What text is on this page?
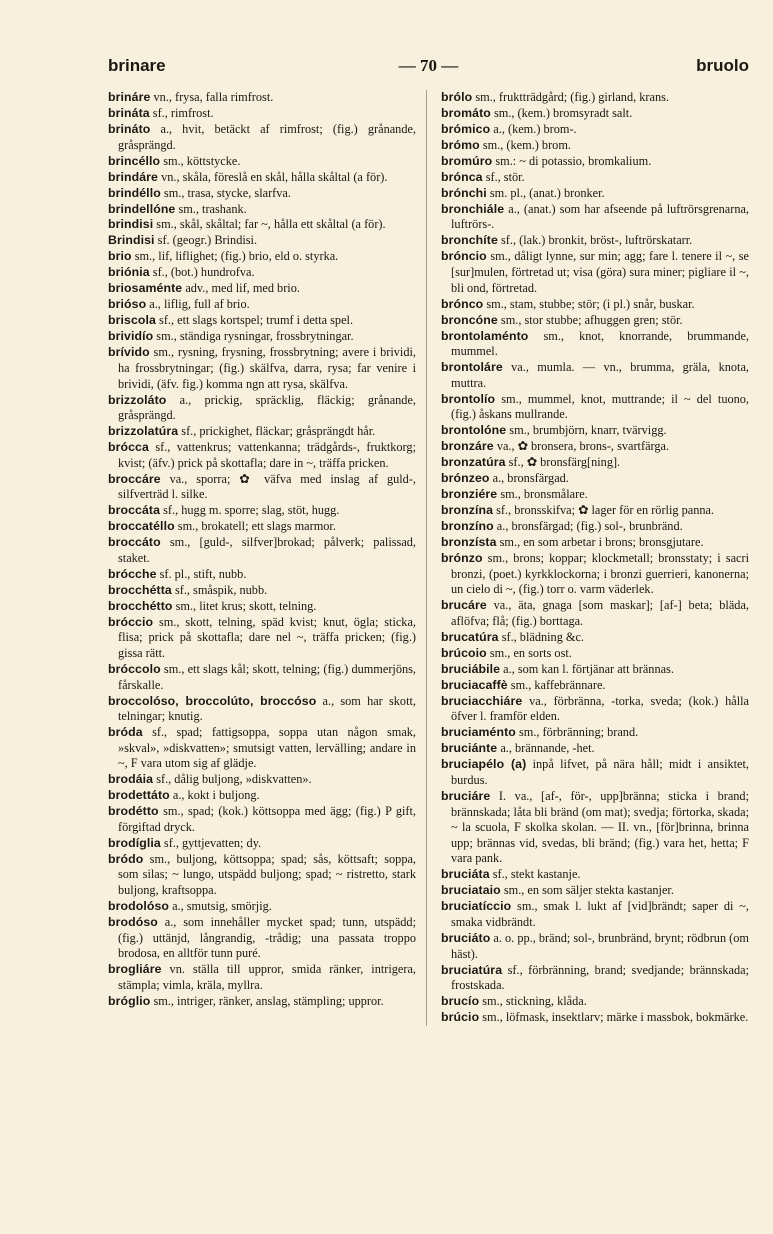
brinare	— 70 —	bruolo

brináre vn., frysa, falla rimfrost.

brináta sf., rimfrost.

brináto a., hvit, betäckt af rimfrost; (fig.) grånande, gråsprängd.

brincéllo sm., köttstycke.

brindáre vn., skåla, föreslå en skål, hålla skåltal (a för).

brindéllo sm., trasa, stycke, slarfva.

brindellóne sm., trashank.

brindisi sm., skål, skåltal; far ~, hålla ett skåltal (a för).

Brindisi sf. (geogr.) Brindisi.

brio sm., lif, liflighet; (fig.) brio, eld o. styrka.

briónia sf., (bot.) hundrofva.

briosaménte adv., med lif, med brio.

brióso a., liflig, full af brio.

briscola sf., ett slags kortspel; trumf i detta spel.

brividío sm., ständiga rysningar, frossbrytningar.

brívido sm., rysning, frysning, frossbrytning; avere i brividi, ha frossbrytningar; (fig.) skälfva, darra, rysa; far venire i brividi, (äfv. fig.) komma ngn att rysa, skälfva.

brizzoláto a., prickig, spräcklig, fläckig; grånande, gråsprängd.

brizzolatúra sf., prickighet, fläckar; gråsprängdt hår.

brócca sf., vattenkrus; vattenkanna; trädgårds-, fruktkorg; kvist; (äfv.) prick på skottafla; dare in ~, träffa pricken.

broccáre va., sporra; ✿ väfva med inslag af guld-, silfverträd l. silke.

broccáta sf., hugg m. sporre; slag, stöt, hugg.

broccatéllo sm., brokatell; ett slags marmor.

broccáto sm., [guld-, silfver]brokad; pålverk; palissad, staket.

brócche sf. pl., stift, nubb.

brocchétta sf., småspik, nubb.

brocchétto sm., litet krus; skott, telning.

bróccio sm., skott, telning, späd kvist; knut, ögla; sticka, flisa; prick på skottafla; dare nel ~, träffa pricken; (fig.) gissa rätt.

bróccolo sm., ett slags kål; skott, telning; (fig.) dummerjöns, fårskalle.

broccolóso, broccolúto, broccóso a., som har skott, telningar; knutig.

bróda sf., spad; fattigsoppa, soppa utan någon smak, »skval», »diskvatten»; smutsigt vatten, lervälling; andare in ~, F vara utom sig af glädje.

brodáia sf., dålig buljong, »diskvatten».

brodettáto a., kokt i buljong.

brodétto sm., spad; (kok.) köttsoppa med ägg; (fig.) P gift, förgiftad dryck.

brodíglia sf., gyttjevatten; dy.

bródo sm., buljong, köttsoppa; spad; sås, köttsaft; soppa, som silas; ~ lungo, utspädd buljong; spad; ~ ristretto, stark buljong, kraftsoppa.

brodolóso a., smutsig, smörjig.

brodóso a., som innehåller mycket spad; tunn, utspädd; (fig.) uttänjd, långrandig, -trådig; una passata troppo brodosa, en alltför tunn puré.

brogliáre vn. ställa till uppror, smida ränker, intrigera, stämpla; vimla, kräla, myllra.

bróglio sm., intriger, ränker, anslag, stämpling; uppror.

brólo sm., fruktträdgård; (fig.) girland, krans.

bromáto sm., (kem.) bromsyradt salt.

brómico a., (kem.) brom-.

brómo sm., (kem.) brom.

bromúro sm.: ~ di potassio, bromkalium.

brónca sf., stör.

brónchi sm. pl., (anat.) bronker.

bronchiále a., (anat.) som har afseende på luftrörsgrenarna, luftrörs-.

bronchíte sf., (lak.) bronkit, bröst-, luftrörskatarr.

bróncio sm., dåligt lynne, sur min; agg; fare l. tenere il ~, se [sur]mulen, förtretad ut; visa (göra) sura miner; pigliare il ~, bli ond, förtretad.

brónco sm., stam, stubbe; stör; (i pl.) snår, buskar.

broncóne sm., stor stubbe; afhuggen gren; stör.

brontolaménto sm., knot, knorrande, brummande, mummel.

brontoláre va., mumla. — vn., brumma, gräla, knota, muttra.

brontolío sm., mummel, knot, muttrande; il ~ del tuono, (fig.) åskans mullrande.

brontolóne sm., brumbjörn, knarr, tvärvigg.

bronzáre va., ✿ bronsera, brons-, svartfärga.

bronzatúra sf., ✿ bronsfärg[ning].

brónzeo a., bronsfärgad.

bronziére sm., bronsmålare.

bronzína sf., bronsskifva; ✿ lager för en rörlig panna.

bronzíno a., bronsfärgad; (fig.) sol-, brunbränd.

bronzísta sm., en som arbetar i brons; bronsgjutare.

brónzo sm., brons; koppar; klockmetall; bronsstaty; i sacri bronzi, (poet.) kyrkklockorna; i bronzi guerrieri, kanonerna; un cielo di ~, (fig.) torr o. varm väderlek.

brucáre va., äta, gnaga [som maskar]; [af-] beta; bläda, aflöfva; flå; (fig.) borttaga.

brucatúra sf., blädning &c.

brúcoio sm., en sorts ost.

bruciábile a., som kan l. förtjänar att brännas.

bruciacaffè sm., kaffebrännare.

bruciacchiáre va., förbränna, -torka, sveda; (kok.) hålla öfver l. framför elden.

bruciaménto sm., förbränning; brand.

bruciánte a., brännande, -het.

bruciapélo (a) inpå lifvet, på nära håll; midt i ansiktet, burdus.

bruciáre I. va., [af-, för-, upp]bränna; sticka i brand; brännskada; låta bli bränd (om mat); svedja; förtorka, skada; ~ la scuola, F skolka skolan. — II. vn., [för]brinna, brinna upp; brännas vid, svedas, bli bränd; (fig.) vara het, hetta; F vara pank.

bruciáta sf., stekt kastanje.

bruciataio sm., en som säljer stekta kastanjer.

bruciatíccio sm., smak l. lukt af [vid]brändt; saper di ~, smaka vidbrändt.

bruciáto a. o. pp., bränd; sol-, brunbränd, brynt; rödbrun (om häst).

bruciatúra sf., förbränning, brand; svedjande; brännskada; frostskada.

brucío sm., stickning, klåda.

brúcio sm., löfmask, insektlarv; märke i massbok, bokmärke.
